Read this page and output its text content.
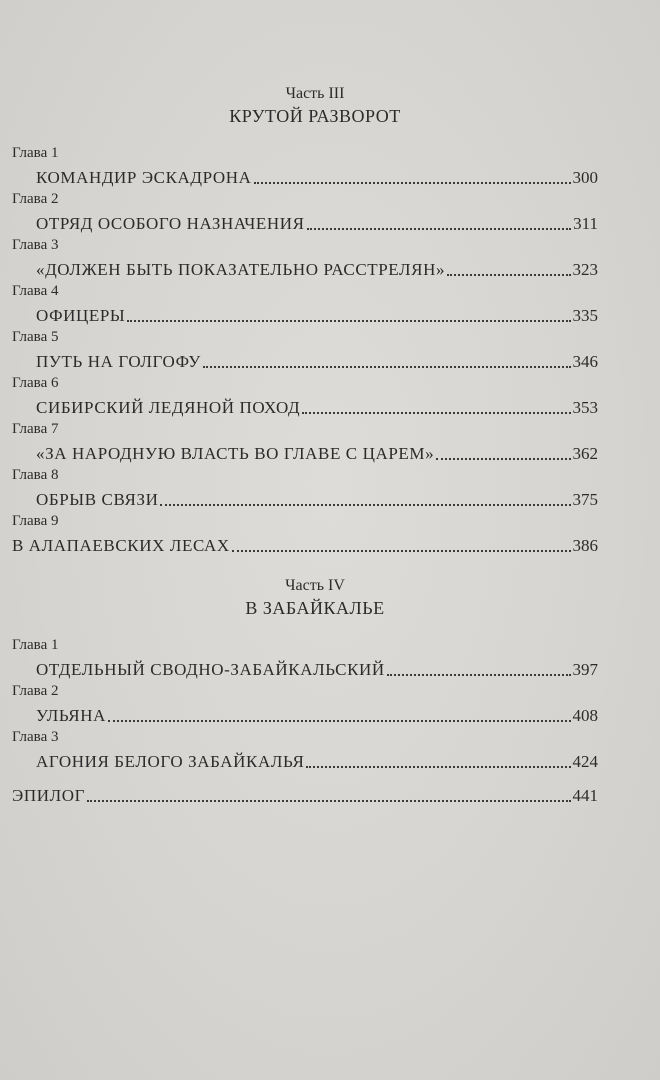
Часть III
КРУТОЙ РАЗВОРОТ
Глава 1
КОМАНДИР ЭСКАДРОНА	300
Глава 2
ОТРЯД ОСОБОГО НАЗНАЧЕНИЯ	311
Глава 3
«ДОЛЖЕН БЫТЬ ПОКАЗАТЕЛЬНО РАССТРЕЛЯН»	323
Глава 4
ОФИЦЕРЫ	335
Глава 5
ПУТЬ НА ГОЛГОФУ	346
Глава 6
СИБИРСКИЙ ЛЕДЯНОЙ ПОХОД	353
Глава 7
«ЗА НАРОДНУЮ ВЛАСТЬ ВО ГЛАВЕ С ЦАРЕМ»	362
Глава 8
ОБРЫВ СВЯЗИ	375
Глава 9
В АЛАПАЕВСКИХ ЛЕСАХ	386
Часть IV
В ЗАБАЙКАЛЬЕ
Глава 1
ОТДЕЛЬНЫЙ СВОДНО-ЗАБАЙКАЛЬСКИЙ	397
Глава 2
УЛЬЯНА	408
Глава 3
АГОНИЯ БЕЛОГО ЗАБАЙКАЛЬЯ	424
ЭПИЛОГ	441
